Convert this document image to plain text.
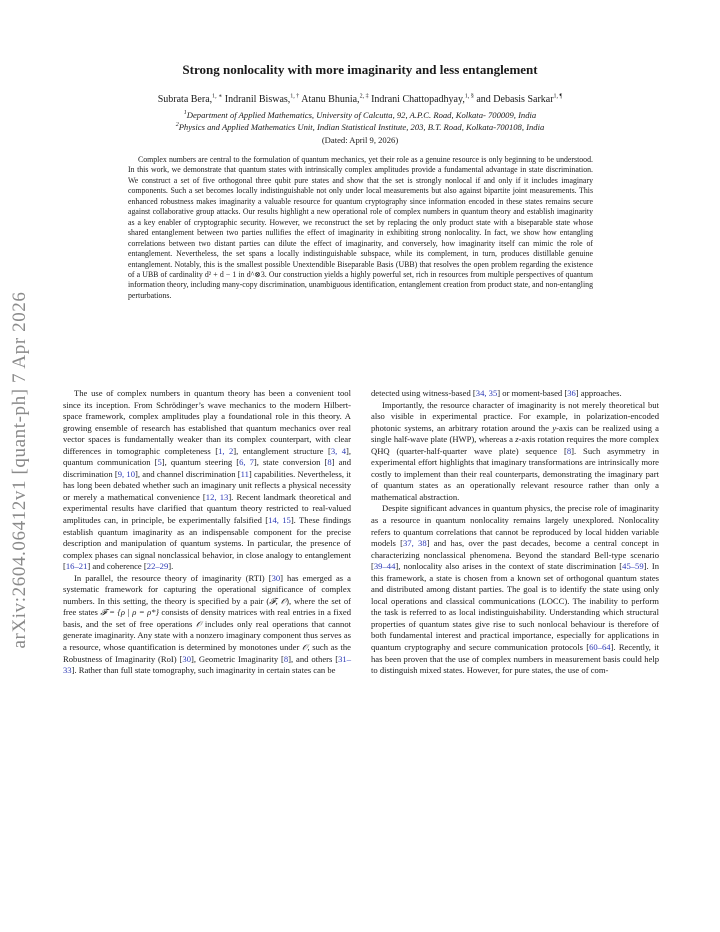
arXiv:2604.06412v1 [quant-ph] 7 Apr 2026
Strong nonlocality with more imaginarity and less entanglement
Subrata Bera,$^{1, ∗}$ Indranil Biswas,$^{1, \dagger}$ Atanu Bhunia,$^{2, \ddagger}$ Indrani Chattopadhyay,$^{1, \S}$ and Debasis Sarkar$^{1, \P}$
$^1$Department of Applied Mathematics, University of Calcutta, 92, A.P.C. Road, Kolkata- 700009, India
$^2$Physics and Applied Mathematics Unit, Indian Statistical Institute, 203, B.T. Road, Kolkata-700108, India
(Dated: April 9, 2026)
Complex numbers are central to the formulation of quantum mechanics, yet their role as a genuine resource is only beginning to be understood. In this work, we demonstrate that quantum states with intrinsically complex amplitudes provide a fundamental advantage in state discrimination. We construct a set of five orthogonal three qubit pure states and show that the set is strongly nonlocal if and only if it includes imaginary components. Such a set becomes locally indistinguishable not only under local measurements but also against bipartite joint measurements. This enhanced robustness makes imaginarity a valuable resource for quantum cryptography since information encoded in these states remains secure against collaborative group attacks. Our results highlight a new operational role of complex numbers in quantum theory and establish imaginarity as a key enabler of cryptographic security. However, we reconstruct the set by replacing the only product state with a biseparable state whose shared entanglement between two parties nullifies the effect of imaginarity in exhibiting strong nonlocality. In fact, we show how entangling correlations between two distant parties can dilute the effect of imaginarity, and conversely, how imaginarity itself can mimic the role of entanglement. Nevertheless, the set spans a locally indistinguishable subspace, while its complement, in turn, produces distillable genuine entanglement. Notably, this is the smallest possible Unextendible Biseparable Basis (UBB) that resolves the open problem regarding the existence of a UBB of cardinality d² + d − 1 in d^⊗3. Our construction yields a highly powerful set, rich in resources from multiple perspectives of quantum information theory, including many-copy discrimination, unambiguous identification, entanglement creation from product state, and non-entangling perturbations.

The use of complex numbers in quantum theory has been a convenient tool since its inception. From Schrödinger’s wave mechanics to the modern Hilbert-space framework, complex amplitudes play a foundational role in this theory. A growing ensemble of research has established that quantum mechanics over real vector spaces is fundamentally weaker than its complex counterpart, with clear differences in tomographic completeness [1, 2], entanglement structure [3, 4], quantum communication [5], quantum steering [6, 7], state conversion [8] and discrimination [9, 10], and channel discrimination [11] capabilities. Nevertheless, it has long been debated whether such an imaginary unit reflects a physical necessity or merely a mathematical convenience [12, 13]. Recent landmark theoretical and experimental results have clarified that quantum theory restricted to real-valued amplitudes can, in principle, be experimentally falsified [14, 15]. These findings establish quantum imaginarity as an indispensable component for the precise description and manipulation of quantum systems. In particular, the presence of complex phases can signal nonclassical behavior, in close analogy to entanglement [16–21] and coherence [22–29].

In parallel, the resource theory of imaginarity (RTI) [30] has emerged as a systematic framework for capturing the operational significance of complex numbers. In this setting, the theory is specified by a pair (𝓕, 𝒪), where the set of free states 𝓕 = {ρ | ρ = ρ*} consists of density matrices with real entries in a fixed basis, and the set of free operations 𝒪 includes only real operations that cannot generate imaginarity. Any state with a nonzero imaginary component thus serves as a resource, whose quantification is determined by monotones under 𝒪, such as the Robustness of Imaginarity (RoI) [30], Geometric Imaginarity [8], and others [31–33]. Rather than full state tomography, such imaginarity in certain states can be

detected using witness-based [34, 35] or moment-based [36] approaches.

Importantly, the resource character of imaginarity is not merely theoretical but also visible in experimental practice. For example, in polarization-encoded photonic systems, an arbitrary rotation around the y-axis can be realized using a single half-wave plate (HWP), whereas a z-axis rotation requires the more complex QHQ (quarter-half-quarter wave plate) sequence [8]. Such asymmetry in experimental effort highlights that imaginary transformations are intrinsically more costly to implement than their real counterparts, demonstrating the imaginary part of quantum states as an operationally relevant resource rather than only a mathematical abstraction.

Despite significant advances in quantum physics, the precise role of imaginarity as a resource in quantum nonlocality remains largely unexplored. Nonlocality refers to quantum correlations that cannot be reproduced by local hidden variable models [37, 38] and has, over the past decades, become a central concept in characterizing nonclassical phenomena. Beyond the standard Bell-type scenario [39–44], nonlocality also arises in the context of state discrimination [45–59]. In this framework, a state is chosen from a known set of orthogonal quantum states and distributed among distant parties. The goal is to identify the state using only local operations and classical communications (LOCC). The inability to perform the task is referred to as local indistinguishability. Understanding which structural properties of quantum states give rise to such nonlocal behaviour is therefore of both fundamental interest and practical importance, especially for applications in quantum cryptography and secure communication protocols [60–64]. Recently, it has been proven that the use of complex numbers in measurement basis could help to distinguish mixed states. However, for pure states, the use of com-
